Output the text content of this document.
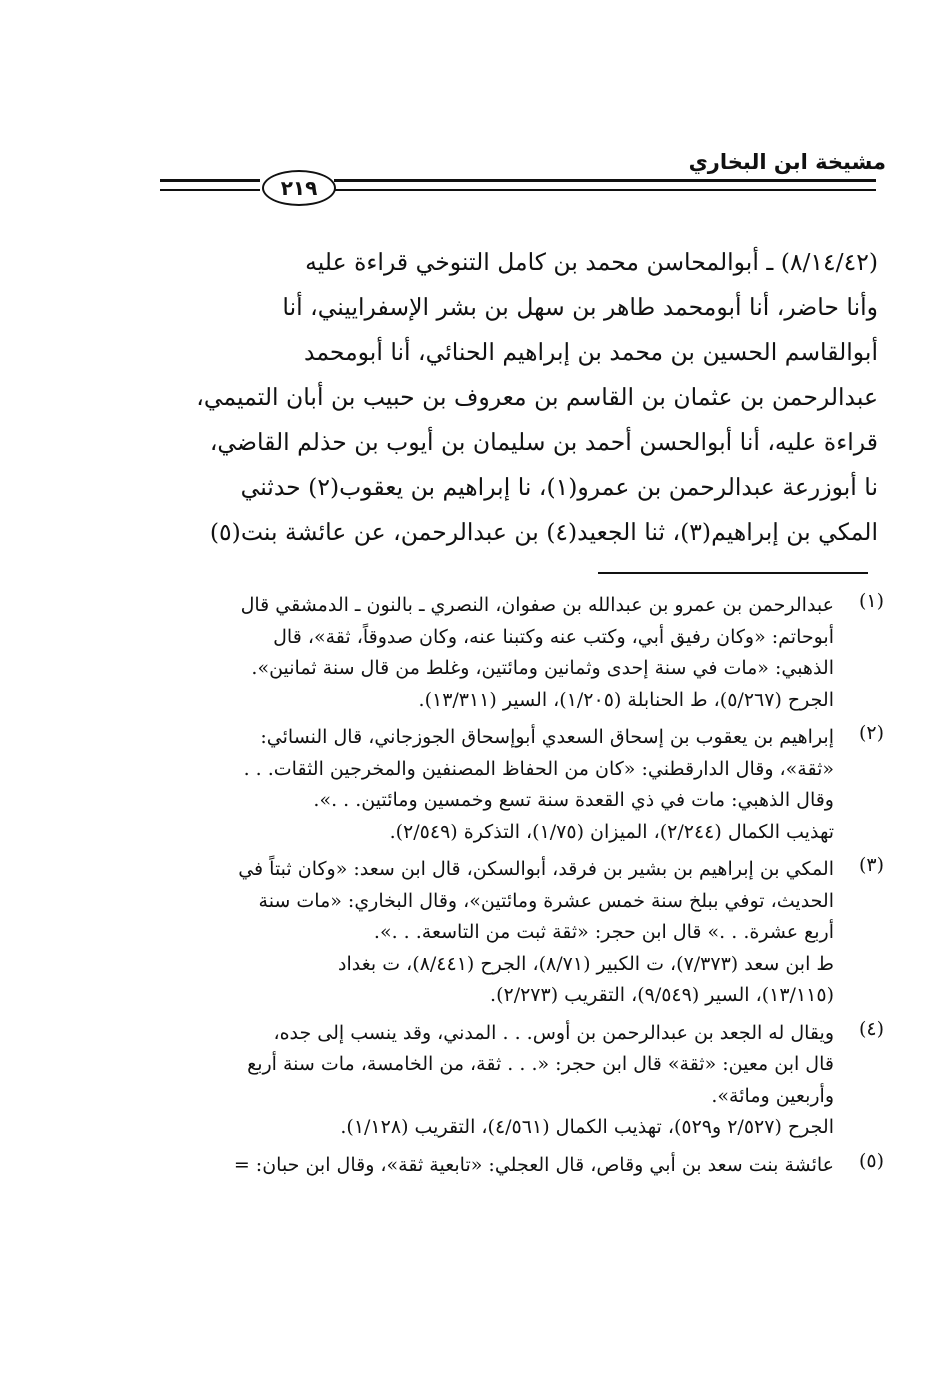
مشيخة ابن البخاري
٢١٩
(٨/١٤/٤٢) ـ أبوالمحاسن محمد بن كامل التنوخي قراءة عليه
وأنا حاضر، أنا أبومحمد طاهر بن سهل بن بشر الإسفراييني، أنا
أبوالقاسم الحسين بن محمد بن إبراهيم الحنائي، أنا أبومحمد
عبدالرحمن بن عثمان بن القاسم بن معروف بن حبيب بن أبان التميمي،
قراءة عليه، أنا أبوالحسن أحمد بن سليمان بن أيوب بن حذلم القاضي،
نا أبوزرعة عبدالرحمن بن عمرو(١)، نا إبراهيم بن يعقوب(٢) حدثني
المكي بن إبراهيم(٣)، ثنا الجعيد(٤) بن عبدالرحمن، عن عائشة بنت(٥)
(١)
عبدالرحمن بن عمرو بن عبدالله بن صفوان، النصري ـ بالنون ـ الدمشقي قال
أبوحاتم: «وكان رفيق أبي، وكتب عنه وكتبنا عنه، وكان صدوقاً، ثقة»، قال
الذهبي: «مات في سنة إحدى وثمانين ومائتين، وغلط من قال سنة ثمانين».
الجرح (٥/٢٦٧)، ط الحنابلة (١/٢٠٥)، السير (١٣/٣١١).
(٢)
إبراهيم بن يعقوب بن إسحاق السعدي أبوإسحاق الجوزجاني، قال النسائي:
«ثقة»، وقال الدارقطني: «كان من الحفاظ المصنفين والمخرجين الثقات. . .
وقال الذهبي: مات في ذي القعدة سنة تسع وخمسين ومائتين. . .».
تهذيب الكمال (٢/٢٤٤)، الميزان (١/٧٥)، التذكرة (٢/٥٤٩).
(٣)
المكي بن إبراهيم بن بشير بن فرقد، أبوالسكن، قال ابن سعد: «وكان ثبتاً في
الحديث، توفي ببلخ سنة خمس عشرة ومائتين»، وقال البخاري: «مات سنة
أربع عشرة. . .» قال ابن حجر: «ثقة ثبت من التاسعة. . .».
ط ابن سعد (٧/٣٧٣)، ت الكبير (٨/٧١)، الجرح (٨/٤٤١)، ت بغداد
(١٣/١١٥)، السير (٩/٥٤٩)، التقريب (٢/٢٧٣).
(٤)
ويقال له الجعد بن عبدالرحمن بن أوس. . . المدني، وقد ينسب إلى جده،
قال ابن معين: «ثقة» قال ابن حجر: «. . . ثقة، من الخامسة، مات سنة أربع
وأربعين ومائة».
الجرح (٢/٥٢٧ و٥٢٩)، تهذيب الكمال (٤/٥٦١)، التقريب (١/١٢٨).
(٥)
عائشة بنت سعد بن أبي وقاص، قال العجلي: «تابعية ثقة»، وقال ابن حبان: =
